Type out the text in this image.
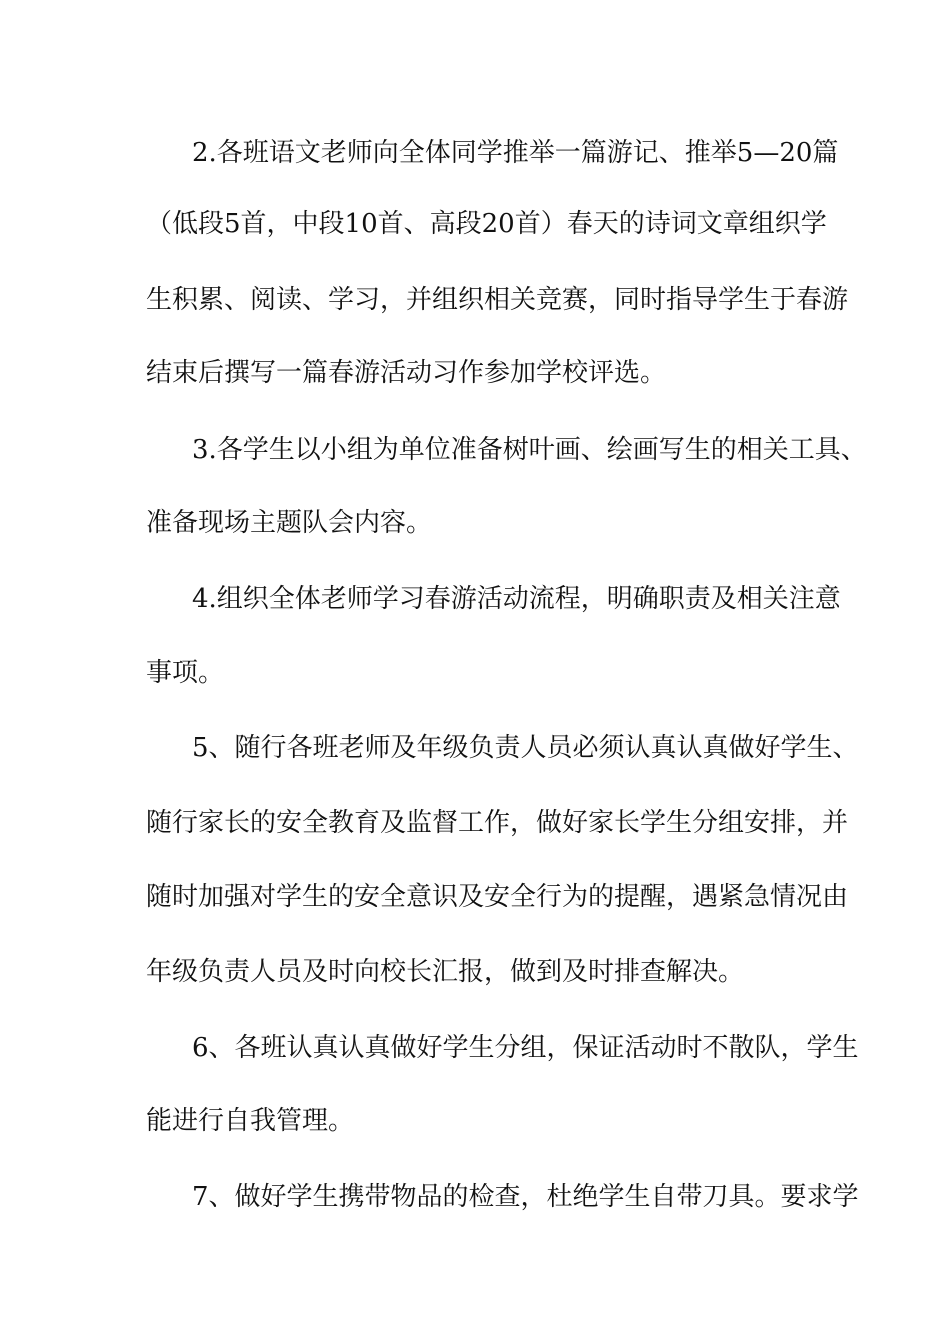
2.各班语文老师向全体同学推举一篇游记、推举5—20篇
（低段5首，中段10首、高段20首）春天的诗词文章组织学
生积累、阅读、学习，并组织相关竞赛，同时指导学生于春游
结束后撰写一篇春游活动习作参加学校评选。
3.各学生以小组为单位准备树叶画、绘画写生的相关工具、
准备现场主题队会内容。
4.组织全体老师学习春游活动流程，明确职责及相关注意
事项。
5、随行各班老师及年级负责人员必须认真认真做好学生、
随行家长的安全教育及监督工作，做好家长学生分组安排，并
随时加强对学生的安全意识及安全行为的提醒，遇紧急情况由
年级负责人员及时向校长汇报，做到及时排查解决。
6、各班认真认真做好学生分组，保证活动时不散队，学生
能进行自我管理。
7、做好学生携带物品的检查，杜绝学生自带刀具。要求学
